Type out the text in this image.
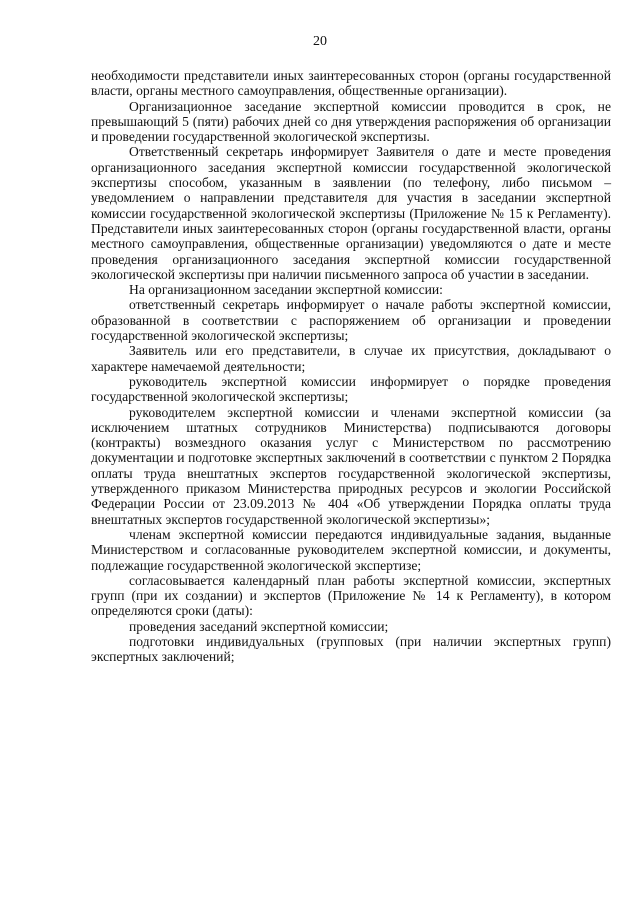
20

необходимости представители иных заинтересованных сторон (органы государственной власти, органы местного самоуправления, общественные организации).

Организационное заседание экспертной комиссии проводится в срок, не превышающий 5 (пяти) рабочих дней со дня утверждения распоряжения об организации и проведении государственной экологической экспертизы.

Ответственный секретарь информирует Заявителя о дате и месте проведения организационного заседания экспертной комиссии государственной экологической экспертизы способом, указанным в заявлении (по телефону, либо письмом – уведомлением о направлении представителя для участия в заседании экспертной комиссии государственной экологической экспертизы (Приложение № 15 к Регламенту). Представители иных заинтересованных сторон (органы государственной власти, органы местного самоуправления, общественные организации) уведомляются о дате и месте проведения организационного заседания экспертной комиссии государственной экологической экспертизы при наличии письменного запроса об участии в заседании.

На организационном заседании экспертной комиссии:

ответственный секретарь информирует о начале работы экспертной комиссии, образованной в соответствии с распоряжением об организации и проведении государственной экологической экспертизы;

Заявитель или его представители, в случае их присутствия, докладывают о характере намечаемой деятельности;

руководитель экспертной комиссии информирует о порядке проведения государственной экологической экспертизы;

руководителем экспертной комиссии и членами экспертной комиссии (за исключением штатных сотрудников Министерства) подписываются договоры (контракты) возмездного оказания услуг с Министерством по рассмотрению документации и подготовке экспертных заключений в соответствии с пунктом 2 Порядка оплаты труда внештатных экспертов государственной экологической экспертизы, утвержденного приказом Министерства природных ресурсов и экологии Российской Федерации России от 23.09.2013 № 404 «Об утверждении Порядка оплаты труда внештатных экспертов государственной экологической экспертизы»;

членам экспертной комиссии передаются индивидуальные задания, выданные Министерством и согласованные руководителем экспертной комиссии, и документы, подлежащие государственной экологической экспертизе;

согласовывается календарный план работы экспертной комиссии, экспертных групп (при их создании) и экспертов (Приложение № 14 к Регламенту), в котором определяются сроки (даты):

проведения заседаний экспертной комиссии;

подготовки индивидуальных (групповых (при наличии экспертных групп) экспертных заключений;
